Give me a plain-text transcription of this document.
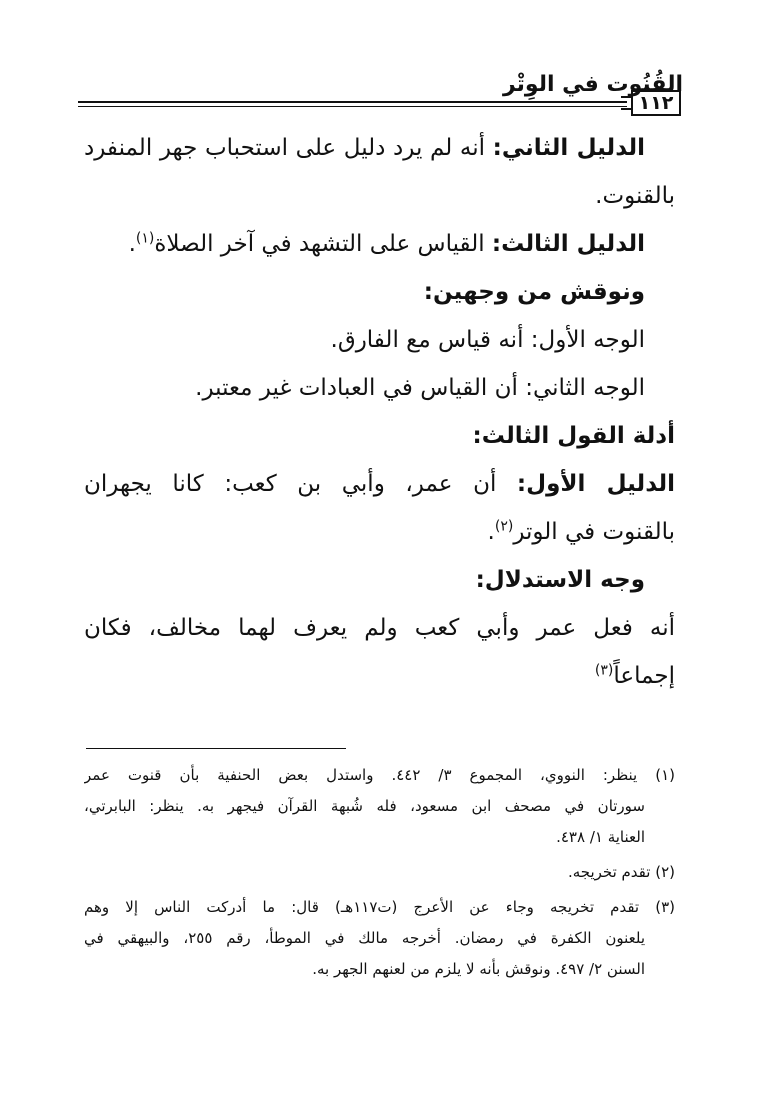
القُنُوت في الوِتْر
١١٢
الدليل الثاني: أنه لم يرد دليل على استحباب جهر المنفرد
بالقنوت.
الدليل الثالث: القياس على التشهد في آخر الصلاة$^{(١)}$.
ونوقش من وجهين:
الوجه الأول: أنه قياس مع الفارق.
الوجه الثاني: أن القياس في العبادات غير معتبر.
أدلة القول الثالث:
الدليل الأول: أن عمر، وأبي بن كعب: كانا يجهران
بالقنوت في الوتر$^{(٢)}$.
وجه الاستدلال:
أنه فعل عمر وأبي كعب ولم يعرف لهما مخالف، فكان
إجماعاً$^{(٣)}$
(١) ينظر: النووي، المجموع ٣/ ٤٤٢. واستدل بعض الحنفية بأن قنوت عمر
سورتان في مصحف ابن مسعود، فله شُبهة القرآن فيجهر به. ينظر: البابرتي،
العناية ١/ ٤٣٨.
(٢) تقدم تخريجه.
(٣) تقدم تخريجه وجاء عن الأعرج (ت١١٧هـ) قال: ما أدركت الناس إلا وهم
يلعنون الكفرة في رمضان. أخرجه مالك في الموطأ، رقم ٢٥٥، والبيهقي في
السنن ٢/ ٤٩٧. ونوقش بأنه لا يلزم من لعنهم الجهر به.
